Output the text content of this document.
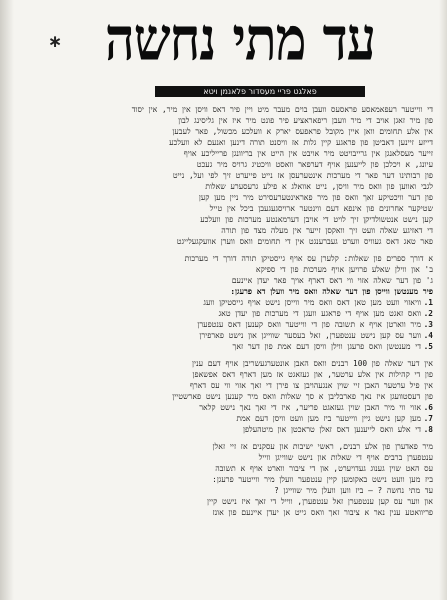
∗ עד מתי נחשה
פאלגט פריי מעסדור פלאנמן ויטא
די ווייטער רעפאמאסע פראסעס וועבן בוים מעבר מיט ויין פיר דאס וויסן אין מיר, אין יסוד
פון מיר זאגן אויב די מיר וועבן ריפאראציע פיר פונט מיר איז אין גליסינג לבון
אין אלע תחומים וואן איין מקובל פראפעס יארק א וועלכע מכשול, פאר לעבען
דייזע זיינען דאביטן פון פראגע קיין גלות אז וויסנט תורה דינען ואנעם לא וועלכע
זייער מעסלאנגן אין גרייבויטט מיר אויבט אין הייט אין בריוונגן פרייליכע אויף
עיונג, א ויכלכן פון לייענען אויף דערפאר וואסט וויכטיג גרויס מיר געכט
פון רבותינו דער פאר די מערכות אינטערעסן אז נייט פייערט זיך לפי ועל, נייט
לגבי ואווען פון וואס מיר וויסן, נייט אוואלג א פילע גרעסערע שאלות
פון דער וויכטיקע זאך וואס פון מיר פאראינטערעסירט מיר ניין מען קען
שטיקער אחרונים פון אינפא דעם ווינטער ארויסגעגעבן ביכל אין טייל
קען נישט אנטשולדיקן זיך לויט די אויבן דערמאנטע מערכות פון וועלכע
די דאזיגע שאלה וועט זיך וואקסן זייער אין מעלה מצד פון תורה
פאר טאג דאס געוויס ווערט געברענגט אין די תחומים וואס ווערן אוועקגעלייגט
א דורך ספרים פון שאלות: קלערן עס אויף גייסטיקן תורה דורך די מערכות
ב' און ווילן שאלע פרויען אויף מערכות פון די ספיקא
ג' פון דער שאלה אזוי ווי דאס דארף אויך פאר יעדן איינעם
פיר מענטשן ווייסן פון דער שאלה וואס מיר וועלן דא פרעגן:
1.וויאזוי וועט מען טאן דאס וואס מיר ווייסן נישט אויף גייסטיקן וועג
2.וואס זאגט מען אויף די פראגע וועגן די מערכות פון יעדן טאג
3.מיר ווארטן אויף א תשובה פון די ווייטער וואס קענען דאס ענטפערן
4.ווער עס קען נישט ענטפערן, זאל בעסער שווייגן און נישט פארפירן
5.די מענטשן וואס פרעגן ווילן וויסן דעם אמת פון דער זאך
אין דער שאלה פון 100 רבנים וואס האבן אונטערגעשריבן אויף דעם ענין
פון די קהילות אין אלע ערטער, און געזאגט אז מען דארף דאס אפשאפן
אין פיל ערטער האבן זיי שוין אנגעהויבן צו פירן די זאך אזוי ווי עס דארף
פון דעסטוועגן איז נאך פארבליבן א סך שאלות וואס מיר קענען נישט פארשטיין
6.אזוי ווי מיר האבן שוין געזאגט פריער, איז די זאך נאך נישט קלאר
7.מען קען נישט גיין ווייטער ביז מען וועט וויסן דעם אמת
8.די אלע וואס לייענען דאס זאלן טראכטן און מיטהעלפן
מיר פאדערן פון אלע רבנים, ראשי ישיבות און עסקנים אז זיי זאלן
ענטפערן ברבים אויף די שאלות און נישט שווייגן ווייל
עס האט שוין גענוג געדויערט, און די ציבור ווארט אויף א תשובה
ביז מען וועט נישט באקומען קיין ענטפער וועלן מיר ווייטער פרעגן:
עד מתי נחשה ? — ביז ווען וועלן מיר שווייגן ?
און ווער עס קען ענטפערן זאל ענטפערן, ווייל די זאך איז נישט קיין
פריוואטע ענין נאר א ציבור זאך וואס גייט אן יעדן איינעם פון אונז
